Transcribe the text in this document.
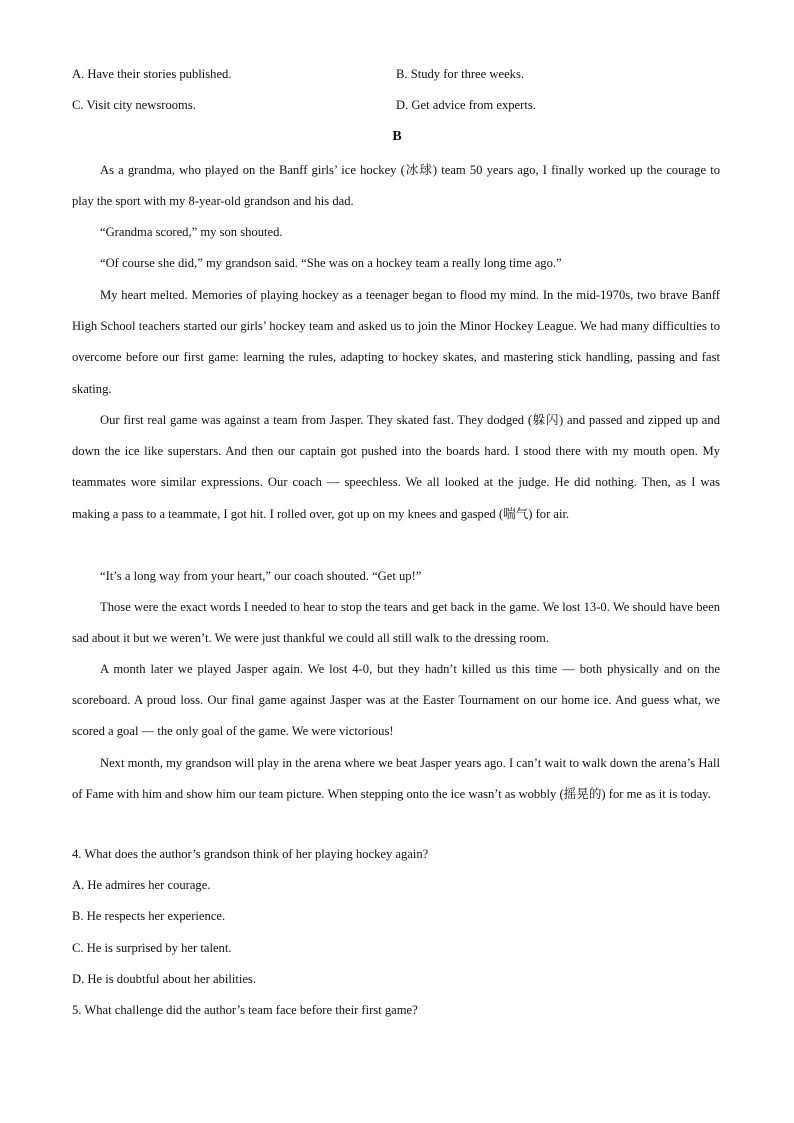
A. Have their stories published.	B. Study for three weeks.
C. Visit city newsrooms.	D. Get advice from experts.
B

As a grandma, who played on the Banff girls’ ice hockey (冰球) team 50 years ago, I finally worked up the courage to play the sport with my 8-year-old grandson and his dad.

“Grandma scored,” my son shouted.

“Of course she did,” my grandson said. “She was on a hockey team a really long time ago.”

My heart melted. Memories of playing hockey as a teenager began to flood my mind. In the mid-1970s, two brave Banff High School teachers started our girls’ hockey team and asked us to join the Minor Hockey League. We had many difficulties to overcome before our first game: learning the rules, adapting to hockey skates, and mastering stick handling, passing and fast skating.

Our first real game was against a team from Jasper. They skated fast. They dodged (躲闪) and passed and zipped up and down the ice like superstars. And then our captain got pushed into the boards hard. I stood there with my mouth open. My teammates wore similar expressions. Our coach — speechless. We all looked at the judge. He did nothing. Then, as I was making a pass to a teammate, I got hit. I rolled over, got up on my knees and gasped (喘气) for air.

“It’s a long way from your heart,” our coach shouted. “Get up!”

Those were the exact words I needed to hear to stop the tears and get back in the game. We lost 13-0. We should have been sad about it but we weren’t. We were just thankful we could all still walk to the dressing room.

A month later we played Jasper again. We lost 4-0, but they hadn’t killed us this time — both physically and on the scoreboard. A proud loss. Our final game against Jasper was at the Easter Tournament on our home ice. And guess what, we scored a goal — the only goal of the game. We were victorious!

Next month, my grandson will play in the arena where we beat Jasper years ago. I can’t wait to walk down the arena’s Hall of Fame with him and show him our team picture. When stepping onto the ice wasn’t as wobbly (摇晃的) for me as it is today.

4. What does the author’s grandson think of her playing hockey again?
A. He admires her courage.
B. He respects her experience.
C. He is surprised by her talent.
D. He is doubtful about her abilities.
5. What challenge did the author’s team face before their first game?
